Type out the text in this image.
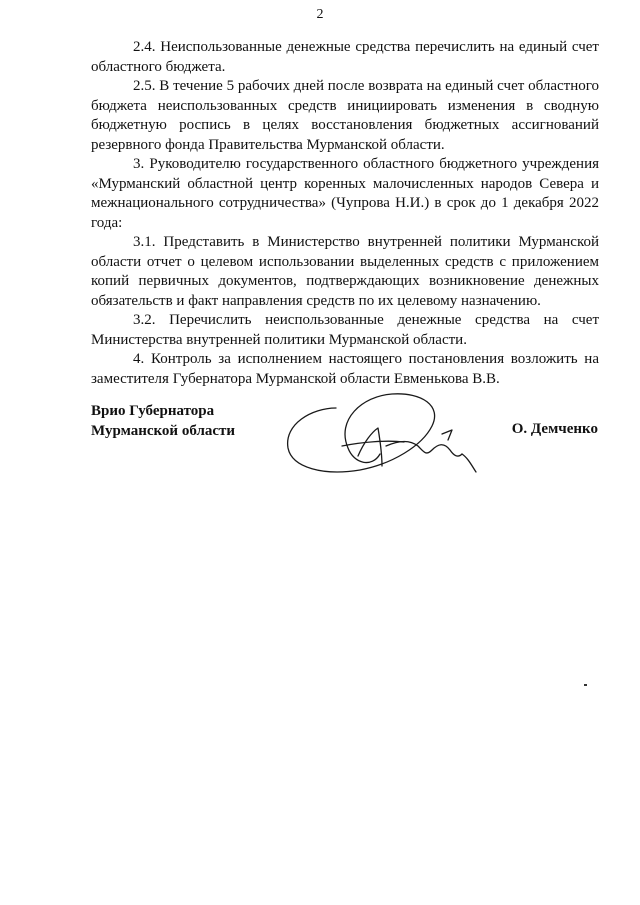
2

2.4. Неиспользованные денежные средства перечислить на единый счет областного бюджета.

2.5. В течение 5 рабочих дней после возврата на единый счет областного бюджета неиспользованных средств инициировать изменения в сводную бюджетную роспись в целях восстановления бюджетных ассигнований резервного фонда Правительства Мурманской области.

3. Руководителю государственного областного бюджетного учреждения «Мурманский областной центр коренных малочисленных народов Севера и межнационального сотрудничества» (Чупрова Н.И.) в срок до 1 декабря 2022 года:

3.1. Представить в Министерство внутренней политики Мурманской области отчет о целевом использовании выделенных средств с приложением копий первичных документов, подтверждающих возникновение денежных обязательств и факт направления средств по их целевому назначению.

3.2. Перечислить неиспользованные денежные средства на счет Министерства внутренней политики Мурманской области.

4. Контроль за исполнением настоящего постановления возложить на заместителя Губернатора Мурманской области Евменькова В.В.

Врио Губернатора
Мурманской области	О. Демченко
